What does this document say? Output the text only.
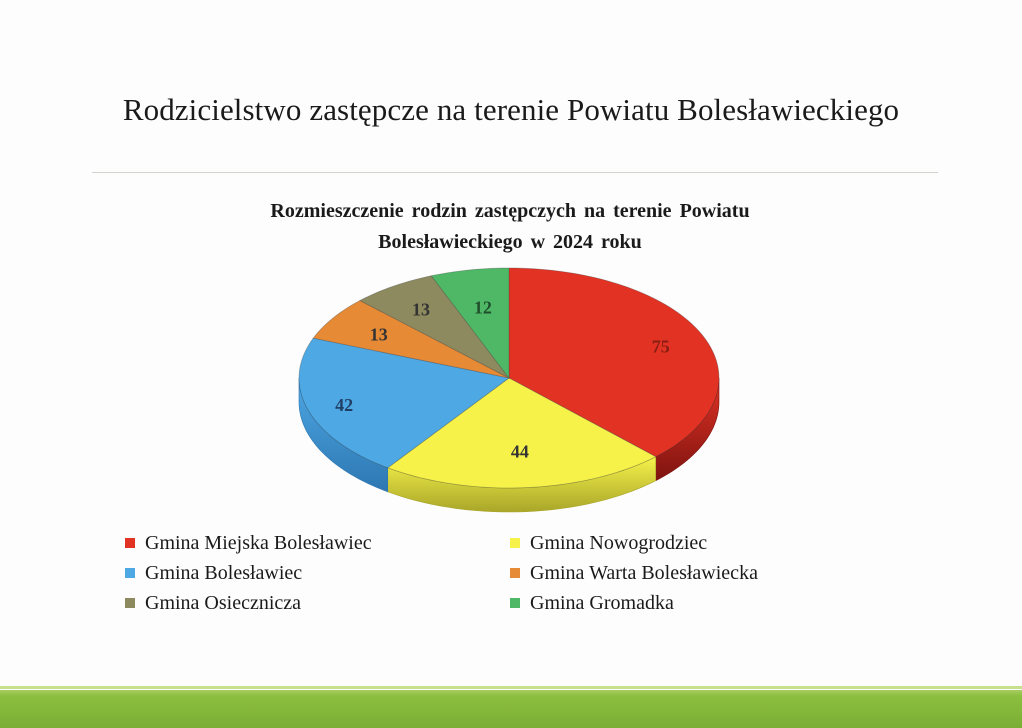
Rodzicielstwo zastępcze na terenie Powiatu Bolesławieckiego
Rozmieszczenie rodzin zastępczych na terenie Powiatu
Bolesławieckiego w 2024 roku
75
44
42
13
13 12
Gmina Miejska Bolesławiec	Gmina Nowogrodziec
Gmina Bolesławiec	Gmina Warta Bolesławiecka
Gmina Osiecznicza	Gmina Gromadka
